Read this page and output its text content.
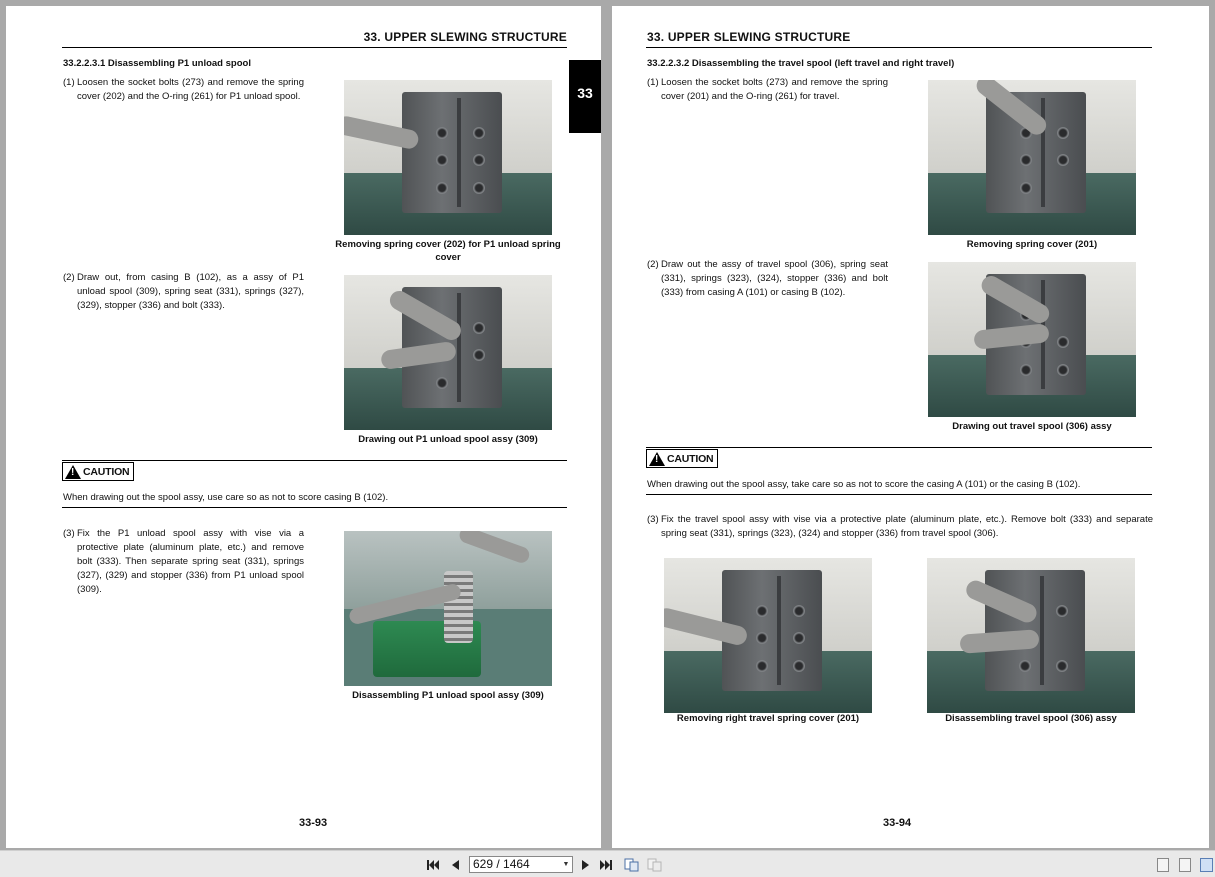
33. UPPER SLEWING STRUCTURE
33.2.2.3.1 Disassembling P1 unload spool
(1) Loosen the socket bolts (273) and remove the spring cover (202) and the O-ring (261) for P1 unload spool.
Removing spring cover (202) for P1 unload spring cover
(2) Draw out, from casing B (102), as a assy of P1 unload spool (309), spring seat (331), springs (327), (329), stopper (336) and bolt (333).
Drawing out P1 unload spool assy (309)
!
CAUTION
When drawing out the spool assy, use care so as not to score casing B (102).
(3) Fix the P1 unload spool assy with vise via a protective plate (aluminum plate, etc.) and remove bolt (333). Then separate spring seat (331), springs (327), (329) and stopper (336) from P1 unload spool (309).
Disassembling P1 unload spool assy (309)
33-93
33
33. UPPER SLEWING STRUCTURE
33.2.2.3.2 Disassembling the travel spool (left travel and right travel)
(1) Loosen the socket bolts (273) and remove the spring cover (201) and the O-ring (261) for travel.
Removing spring cover (201)
(2) Draw out the assy of travel spool (306), spring seat (331), springs (323), (324), stopper (336) and bolt (333) from casing A (101) or casing B (102).
Drawing out travel spool (306) assy
!
CAUTION
When drawing out the spool assy, take care so as not to score the casing A (101) or the casing B (102).
(3) Fix the travel spool assy with vise via a protective plate (aluminum plate, etc.). Remove bolt (333) and separate spring seat (331), springs (323), (324) and stopper (336) from travel spool (306).
Removing right travel spring cover (201)	Disassembling travel spool (306) assy
33-94
629 / 1464	▼
